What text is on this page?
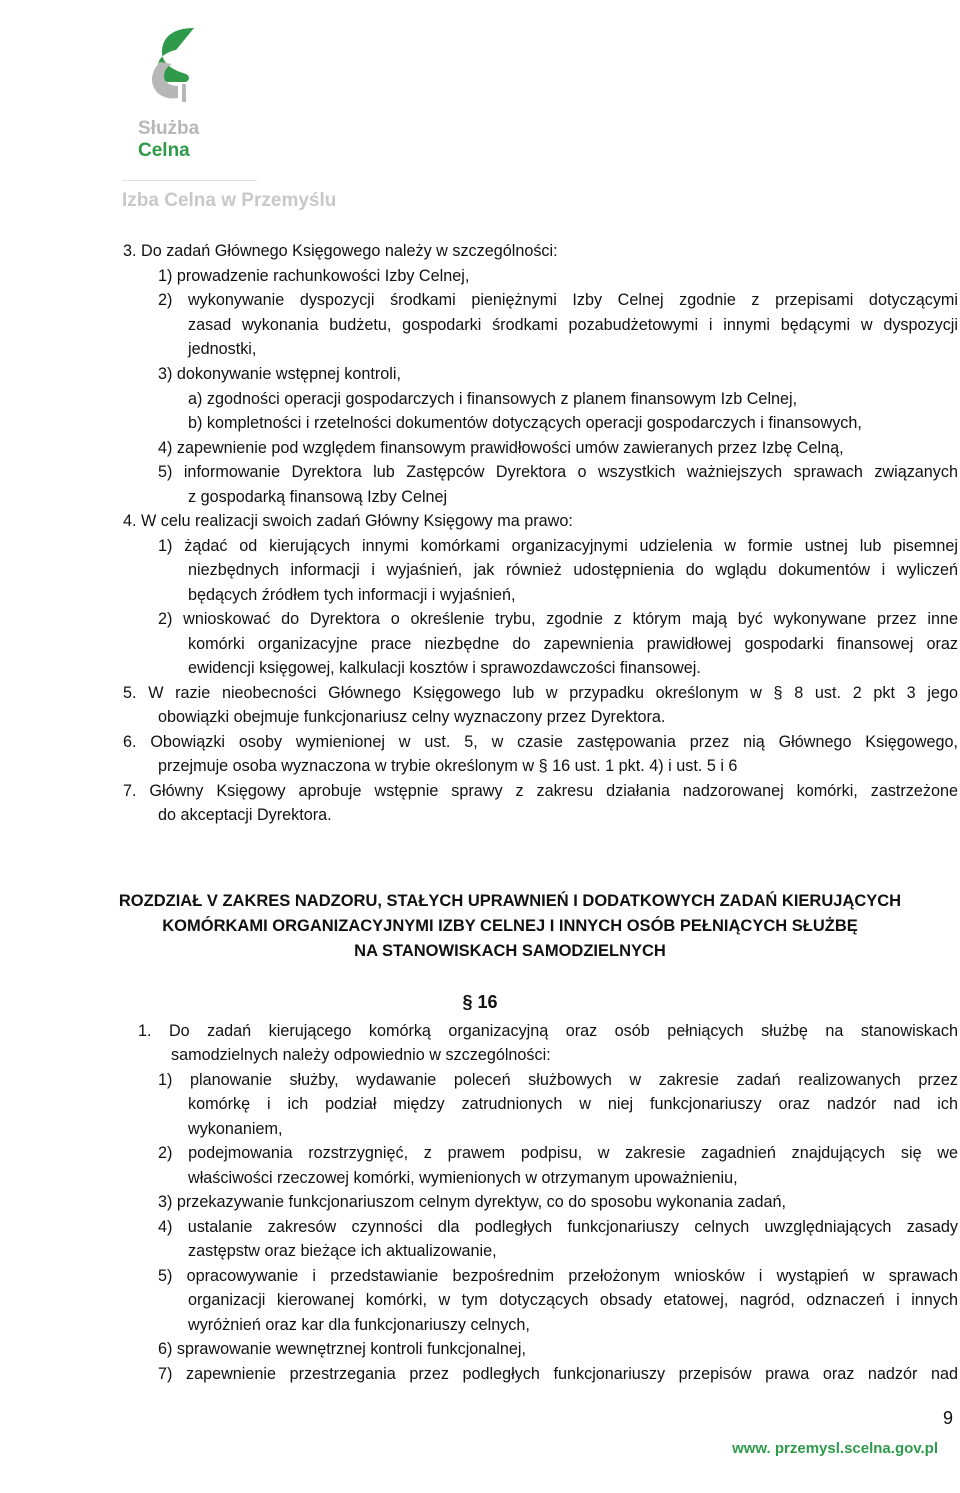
Służba
Celna
Izba Celna w Przemyślu
3. Do zadań Głównego Księgowego należy w szczególności:
1) prowadzenie rachunkowości Izby Celnej,
2) wykonywanie dyspozycji środkami pieniężnymi Izby Celnej zgodnie z przepisami dotyczącymi
zasad wykonania budżetu, gospodarki środkami pozabudżetowymi i innymi będącymi w dyspozycji
jednostki,
3) dokonywanie wstępnej kontroli,
a) zgodności operacji gospodarczych i finansowych z planem finansowym Izb Celnej,
b) kompletności i rzetelności dokumentów dotyczących operacji gospodarczych i finansowych,
4) zapewnienie pod względem finansowym prawidłowości umów zawieranych przez Izbę Celną,
5) informowanie Dyrektora lub Zastępców Dyrektora o wszystkich ważniejszych sprawach związanych
z gospodarką finansową Izby Celnej
4. W celu realizacji swoich zadań Główny Księgowy ma prawo:
1) żądać od kierujących innymi komórkami organizacyjnymi udzielenia w formie ustnej lub pisemnej
niezbędnych informacji i wyjaśnień, jak również udostępnienia do wglądu dokumentów i wyliczeń
będących źródłem tych informacji i wyjaśnień,
2) wnioskować do Dyrektora o określenie trybu, zgodnie z którym mają być wykonywane przez inne
komórki organizacyjne prace niezbędne do zapewnienia prawidłowej gospodarki finansowej oraz
ewidencji księgowej, kalkulacji kosztów i sprawozdawczości finansowej.
5. W razie nieobecności Głównego Księgowego lub w przypadku określonym w § 8 ust. 2 pkt 3 jego
obowiązki obejmuje funkcjonariusz celny wyznaczony przez Dyrektora.
6. Obowiązki osoby wymienionej w ust. 5, w czasie zastępowania przez nią Głównego Księgowego,
przejmuje osoba wyznaczona w trybie określonym w § 16 ust. 1 pkt. 4) i ust. 5 i 6
7. Główny Księgowy aprobuje wstępnie sprawy z zakresu działania nadzorowanej komórki, zastrzeżone
do akceptacji Dyrektora.
1. Do zadań kierującego komórką organizacyjną oraz osób pełniących służbę na stanowiskach
samodzielnych należy odpowiednio w szczególności:
1) planowanie służby, wydawanie poleceń służbowych w zakresie zadań realizowanych przez
komórkę i ich podział między zatrudnionych w niej funkcjonariuszy oraz nadzór nad ich
wykonaniem,
2) podejmowania rozstrzygnięć, z prawem podpisu, w zakresie zagadnień znajdujących się we
właściwości rzeczowej komórki, wymienionych w otrzymanym upoważnieniu,
3) przekazywanie funkcjonariuszom celnym dyrektyw, co do sposobu wykonania zadań,
4) ustalanie zakresów czynności dla podległych funkcjonariuszy celnych uwzględniających zasady
zastępstw oraz bieżące ich aktualizowanie,
5) opracowywanie i przedstawianie bezpośrednim przełożonym wniosków i wystąpień w sprawach
organizacji kierowanej komórki, w tym dotyczących obsady etatowej, nagród, odznaczeń i innych
wyróżnień oraz kar dla funkcjonariuszy celnych,
6) sprawowanie wewnętrznej kontroli funkcjonalnej,
7) zapewnienie przestrzegania przez podległych funkcjonariuszy przepisów prawa oraz nadzór nad
ROZDZIAŁ V ZAKRES NADZORU, STAŁYCH UPRAWNIEŃ I DODATKOWYCH ZADAŃ KIERUJĄCYCH
KOMÓRKAMI ORGANIZACYJNYMI IZBY CELNEJ I INNYCH OSÓB PEŁNIĄCYCH SŁUŻBĘ
NA STANOWISKACH SAMODZIELNYCH
§ 16
9
www. przemysl.scelna.gov.pl
